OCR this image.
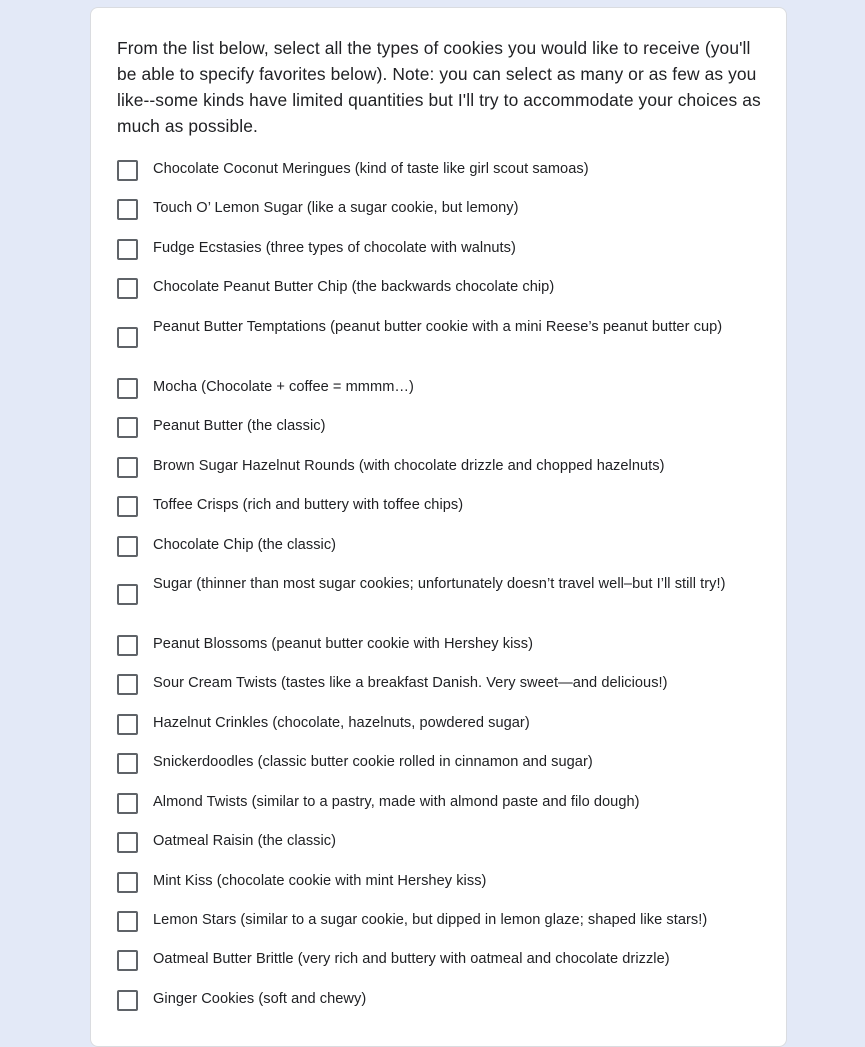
From the list below, select all the types of cookies you would like to receive (you'll be able to specify favorites below). Note: you can select as many or as few as you like--some kinds have limited quantities but I'll try to accommodate your choices as much as possible.
Chocolate Coconut Meringues (kind of taste like girl scout samoas)
Touch O’ Lemon Sugar (like a sugar cookie, but lemony)
Fudge Ecstasies (three types of chocolate with walnuts)
Chocolate Peanut Butter Chip (the backwards chocolate chip)
Peanut Butter Temptations (peanut butter cookie with a mini Reese’s peanut butter cup)
Mocha (Chocolate + coffee = mmmm…)
Peanut Butter (the classic)
Brown Sugar Hazelnut Rounds (with chocolate drizzle and chopped hazelnuts)
Toffee Crisps (rich and buttery with toffee chips)
Chocolate Chip (the classic)
Sugar (thinner than most sugar cookies; unfortunately doesn’t travel well–but I’ll still try!)
Peanut Blossoms (peanut butter cookie with Hershey kiss)
Sour Cream Twists (tastes like a breakfast Danish. Very sweet—and delicious!)
Hazelnut Crinkles (chocolate, hazelnuts, powdered sugar)
Snickerdoodles (classic butter cookie rolled in cinnamon and sugar)
Almond Twists (similar to a pastry, made with almond paste and filo dough)
Oatmeal Raisin (the classic)
Mint Kiss (chocolate cookie with mint Hershey kiss)
Lemon Stars (similar to a sugar cookie, but dipped in lemon glaze; shaped like stars!)
Oatmeal Butter Brittle (very rich and buttery with oatmeal and chocolate drizzle)
Ginger Cookies (soft and chewy)
